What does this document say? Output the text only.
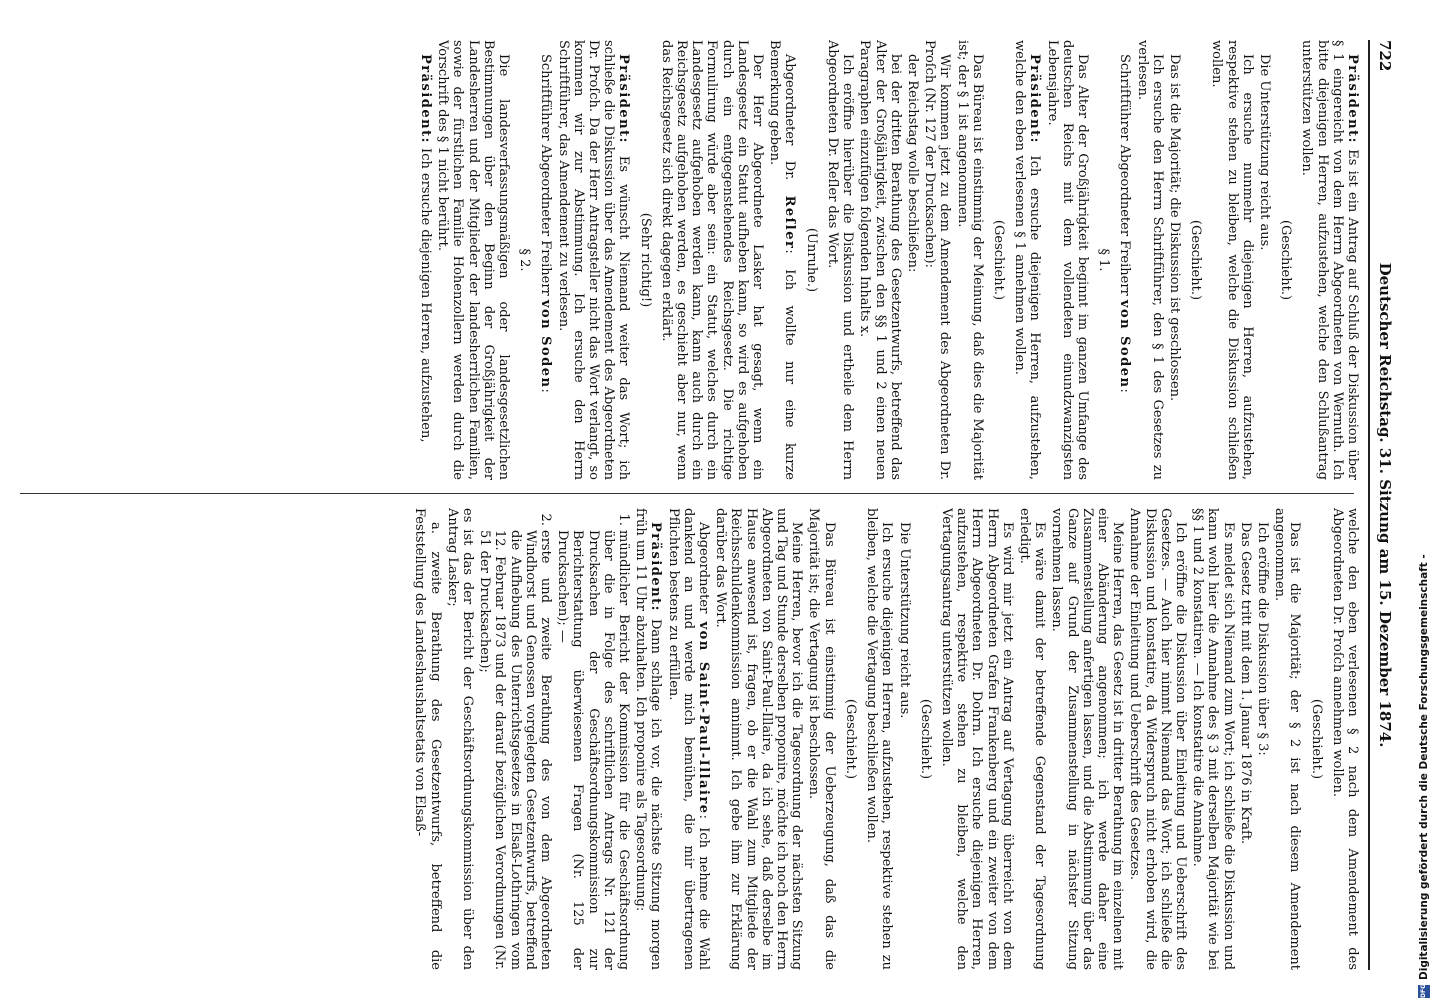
722
Deutscher Reichstag. 31. Sitzung am 15. Dezember 1874.

Präsident: Es ist ein Antrag auf Schluß der Diskussion über § 1 eingereicht von dem Herrn Abgeordneten von Wernuth. Ich bitte diejenigen Herren, aufzustehen, welche den Schlußantrag unterstützen wollen.

(Geschieht.)

Die Unterstützung reicht aus.

Ich ersuche nunmehr diejenigen Herren, aufzustehen, respektive stehen zu bleiben, welche die Diskussion schließen wollen.

(Geschieht.)

Das ist die Majorität; die Diskussion ist geschlossen.

Ich ersuche den Herrn Schriftführer, den § 1 des Gesetzes zu verlesen.

Schriftführer Abgeordneter Freiherr von Soden:

§ 1.

Das Alter der Großjährigkeit beginnt im ganzen Umfange des deutschen Reichs mit dem vollendeten einundzwanzigsten Lebensjahre.

Präsident: Ich ersuche diejenigen Herren, aufzustehen, welche den eben verlesenen § 1 annehmen wollen.

(Geschieht.)

Das Büreau ist einstimmig der Meinung, daß dies die Majorität ist; der § 1 ist angenommen.

Wir kommen jetzt zu dem Amendement des Abgeordneten Dr. Proſch (Nr. 127 der Drucksachen):

der Reichstag wolle beschließen:

bei der dritten Berathung des Gesetzentwurfs, betreffend das Alter der Großjährigkeit, zwischen den §§ 1 und 2 einen neuen Paragraphen einzufügen folgenden Inhalts x.

Ich eröffne hierüber die Diskussion und ertheile dem Herrn Abgeordneten Dr. Reſler das Wort.

(Unruhe.)

Abgeordneter Dr. Reſler: Ich wollte nur eine kurze Bemerkung geben.

Der Herr Abgeordnete Lasker hat gesagt, wenn ein Landesgesetz ein Statut aufheben kann, so wird es aufgehoben durch ein entgegenstehendes Reichsgesetz. Die richtige Formulirung würde aber sein: ein Statut, welches durch ein Landesgesetz aufgehoben werden kann, kann auch durch ein Reichsgesetz aufgehoben werden, es geschieht aber nur, wenn das Reichsgesetz sich direkt dagegen erklärt.

(Sehr richtig!)

Präsident: Es wünscht Niemand weiter das Wort; ich schließe die Diskussion über das Amendement des Abgeordneten Dr. Proſch. Da der Herr Antragsteller nicht das Wort verlangt, so kommen wir zur Abstimmung. Ich ersuche den Herrn Schriftführer, das Amendement zu verlesen.

Schriftführer Abgeordneter Freiherr von Soden:

§ 2.

Die landesverfassungsmäßigen oder landesgesetzlichen Bestimmungen über den Beginn der Großjährigkeit der Landesherren und der Mitglieder der landesherrlichen Familien, sowie der fürstlichen Familie Hohenzollern werden durch die Vorschrift des § 1 nicht berührt.

Präsident: Ich ersuche diejenigen Herren, aufzustehen,

welche den eben verlesenen § 2 nach dem Amendement des Abgeordneten Dr. Proſch annehmen wollen.

(Geschieht.)

Das ist die Majorität; der § 2 ist nach diesem Amendement angenommen.

Ich eröffne die Diskussion über § 3:

Das Gesetz tritt mit dem 1. Januar 1876 in Kraft.

Es meldet sich Niemand zum Wort; ich schließe die Diskussion und kann wohl hier die Annahme des § 3 mit derselben Majorität wie bei §§ 1 und 2 konstatiren. — Ich konstatire die Annahme.

Ich eröffne die Diskussion über Einleitung und Ueberschrift des Gesetzes. — Auch hier nimmt Niemand das Wort; ich schließe die Diskussion und konstatire, da Widerspruch nicht erhoben wird, die Annahme der Einleitung und Ueberschrift des Gesetzes.

Meine Herren, das Gesetz ist in dritter Berathung im einzelnen mit einer Abänderung angenommen; ich werde daher eine Zusammenstellung anfertigen lassen, und die Abstimmung über das Ganze auf Grund der Zusammenstellung in nächster Sitzung vornehmen lassen.

Es wäre damit der betreffende Gegenstand der Tagesordnung erledigt.

Es wird mir jetzt ein Antrag auf Vertagung überreicht von dem Herrn Abgeordneten Grafen Frankenberg und ein zweiter von dem Herrn Abgeordneten Dr. Dohrn. Ich ersuche diejenigen Herren, aufzustehen, respektive stehen zu bleiben, welche den Vertagungsantrag unterstützen wollen.

(Geschieht.)

Die Unterstützung reicht aus.

Ich ersuche diejenigen Herren, aufzustehen, respektive stehen zu bleiben, welche die Vertagung beschließen wollen.

(Geschieht.)

Das Büreau ist einstimmig der Ueberzeugung, daß das die Majorität ist; die Vertagung ist beschlossen.

Meine Herren, bevor ich die Tagesordnung der nächsten Sitzung und Tag und Stunde derselben proponire, möchte ich noch den Herrn Abgeordneten von Saint-Paul-Illaire, da ich sehe, daß derselbe im Hause anwesend ist, fragen, ob er die Wahl zum Mitgliede der Reichsschuldenkommission annimmt. Ich gebe ihm zur Erklärung darüber das Wort.

Abgeordneter von Saint-Paul-Illaire: Ich nehme die Wahl dankend an und werde mich bemühen, die mir übertragenen Pflichten bestens zu erfüllen.

Präsident: Dann schlage ich vor, die nächste Sitzung morgen früh um 11 Uhr abzuhalten. Ich proponire als Tagesordnung:

1. mündlicher Bericht der Kommission für die Geschäftsordnung über die in Folge des schriftlichen Antrags Nr. 121 der Drucksachen der Geschäftsordnungskommission zur Berichterstattung überwiesenen Fragen (Nr. 125 der Drucksachen); —
2. erste und zweite Berathung des von dem Abgeordneten Windhorst und Genossen vorgelegten Gesetzentwurfs, betreffend die Aufhebung des Unterrichtsgesetzes in Elsaß-Lothringen vom 12. Februar 1873 und der darauf bezüglichen Verordnungen (Nr. 51 der Drucksachen);

es ist das der Bericht der Geschäftsordnungskommission über den Antrag Lasker;

a. zweite Berathung des Gesetzentwurfs, betreffend die Feststellung des Landeshaushaltsetats von Elsaß-

DFG
Digitalisierung gefördert durch die Deutsche Forschungsgemeinschaft -
